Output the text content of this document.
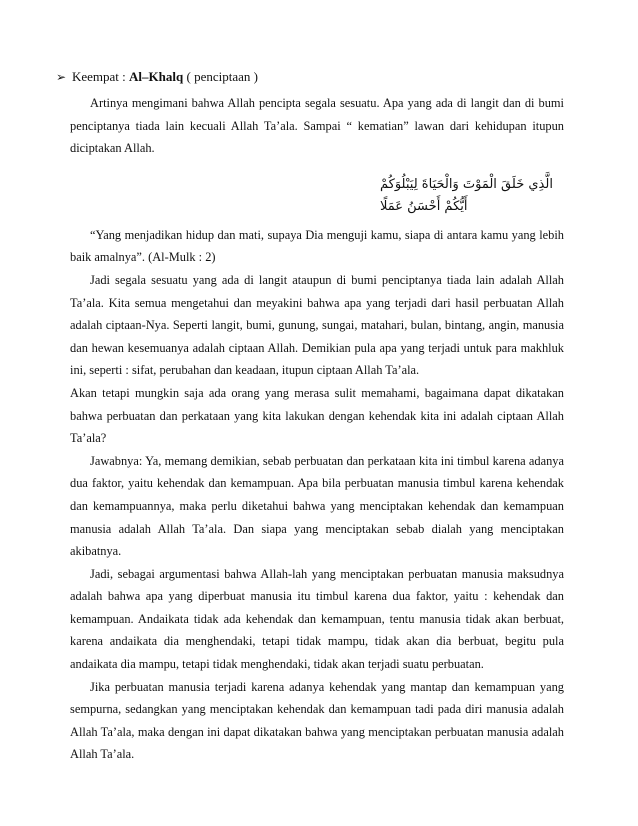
➢ Keempat : Al–Khalq ( penciptaan )

Artinya mengimani bahwa Allah pencipta segala sesuatu. Apa yang ada di langit dan di bumi penciptanya tiada lain kecuali Allah Ta’ala. Sampai “ kematian” lawan dari kehidupan itupun diciptakan Allah.

الَّذِي خَلَقَ الْمَوْتَ وَالْحَيَاةَ لِيَبْلُوَكُمْ أَيُّكُمْ أَحْسَنُ عَمَلًا

“Yang menjadikan hidup dan mati, supaya Dia menguji kamu, siapa di antara kamu yang lebih baik amalnya”. (Al-Mulk : 2)

Jadi segala sesuatu yang ada di langit ataupun di bumi penciptanya tiada lain adalah Allah Ta’ala. Kita semua mengetahui dan meyakini bahwa apa yang terjadi dari hasil perbuatan Allah adalah ciptaan-Nya. Seperti langit, bumi, gunung, sungai, matahari, bulan, bintang, angin, manusia dan hewan kesemuanya adalah ciptaan Allah. Demikian pula apa yang terjadi untuk para makhluk ini, seperti : sifat, perubahan dan keadaan, itupun ciptaan Allah Ta’ala.

Akan tetapi mungkin saja ada orang yang merasa sulit memahami, bagaimana dapat dikatakan bahwa perbuatan dan perkataan yang kita lakukan dengan kehendak kita ini adalah ciptaan Allah Ta’ala?

Jawabnya: Ya, memang demikian, sebab perbuatan dan perkataan kita ini timbul karena adanya dua faktor, yaitu kehendak dan kemampuan. Apa bila perbuatan manusia timbul karena kehendak dan kemampuannya, maka perlu diketahui bahwa yang menciptakan kehendak dan kemampuan manusia adalah Allah Ta’ala. Dan siapa yang menciptakan sebab dialah yang menciptakan akibatnya.

Jadi, sebagai argumentasi bahwa Allah-lah yang menciptakan perbuatan manusia maksudnya adalah bahwa apa yang diperbuat manusia itu timbul karena dua faktor, yaitu : kehendak dan kemampuan. Andaikata tidak ada kehendak dan kemampuan, tentu manusia tidak akan berbuat, karena andaikata dia menghendaki, tetapi tidak mampu, tidak akan dia berbuat, begitu pula andaikata dia mampu, tetapi tidak menghendaki, tidak akan terjadi suatu perbuatan.

Jika perbuatan manusia terjadi karena adanya kehendak yang mantap dan kemampuan yang sempurna, sedangkan yang menciptakan kehendak dan kemampuan tadi pada diri manusia adalah Allah Ta’ala, maka dengan ini dapat dikatakan bahwa yang menciptakan perbuatan manusia adalah Allah Ta’ala.
